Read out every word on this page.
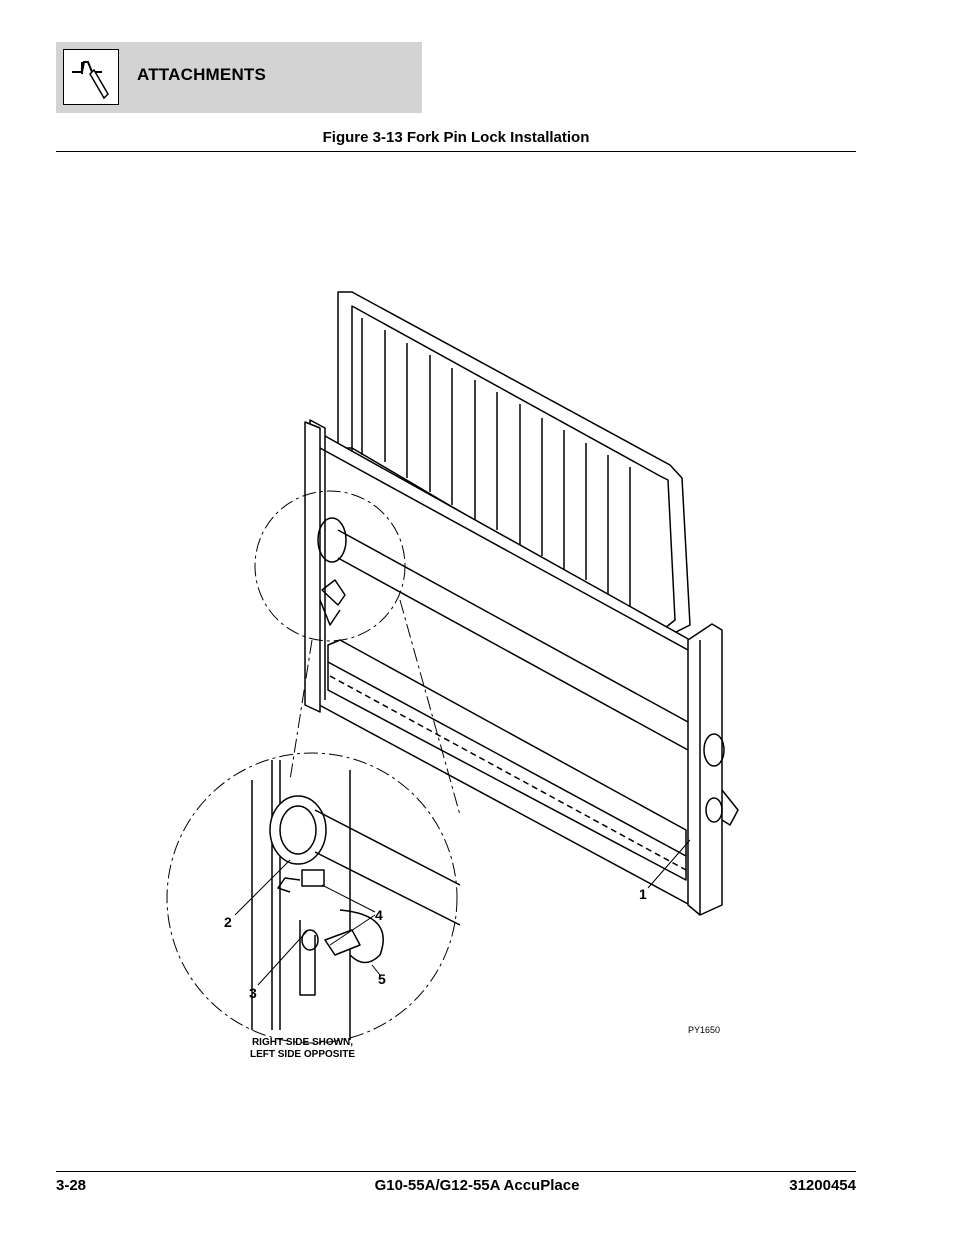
ATTACHMENTS
Figure 3-13 Fork Pin Lock Installation
1
2
3
4
5
RIGHT SIDE SHOWN,
LEFT SIDE OPPOSITE
PY1650
3-28	G10-55A/G12-55A AccuPlace	31200454
